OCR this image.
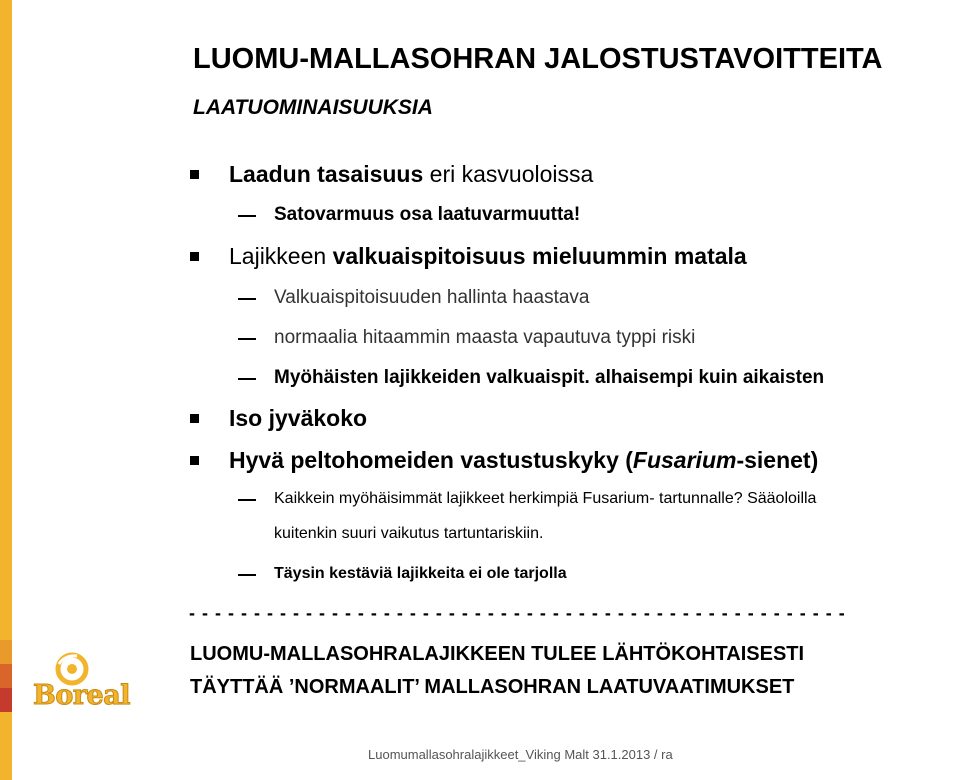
Boreal
LUOMU-MALLASOHRAN JALOSTUSTAVOITTEITA
LAATUOMINAISUUKSIA
Laadun tasaisuus eri kasvuoloissa
Satovarmuus osa laatuvarmuutta!
Lajikkeen valkuaispitoisuus mieluummin matala
Valkuaispitoisuuden hallinta haastava
normaalia hitaammin maasta vapautuva typpi riski
Myöhäisten lajikkeiden valkuaispit. alhaisempi kuin aikaisten
Iso jyväkoko
Hyvä peltohomeiden vastustuskyky (Fusarium-sienet)
Kaikkein myöhäisimmät lajikkeet herkimpiä Fusarium- tartunnalle? Sääoloilla
kuitenkin suuri vaikutus tartuntariskiin.
Täysin kestäviä lajikkeita ei ole tarjolla
- - - - - - - - - - - - - - - - - - - - - - - - - - - - - - - - - - - - - - - - - - - - - - - - - - -
LUOMU-MALLASOHRALAJIKKEEN TULEE LÄHTÖKOHTAISESTI
TÄYTTÄÄ ’NORMAALIT’ MALLASOHRAN LAATUVAATIMUKSET
Luomumallasohralajikkeet_Viking Malt 31.1.2013 / ra
